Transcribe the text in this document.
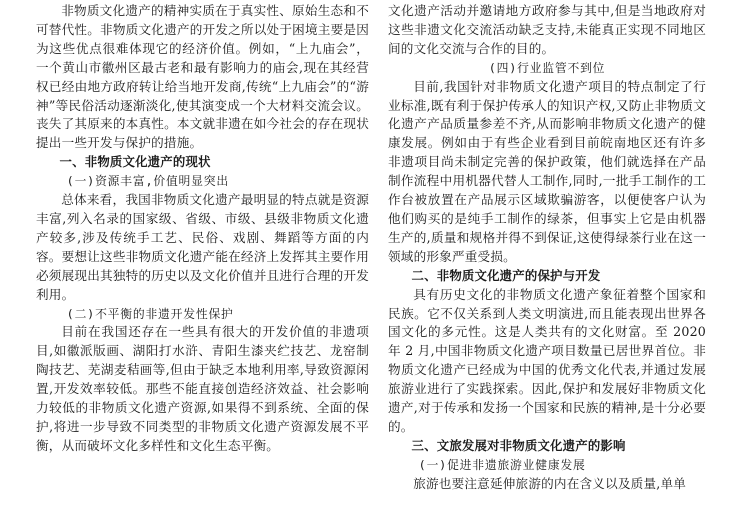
非物质文化遗产的精神实质在于真实性、原始生态和不可替代性。非物质文化遗产的开发之所以处于困境主要是因为这些优点很难体现它的经济价值。例如，“上九庙会”，一个黄山市徽州区最古老和最有影响力的庙会,现在其经营权已经由地方政府转让给当地开发商,传统“上九庙会”的“游神”等民俗活动逐渐淡化,使其演变成一个大材料交流会议。丧失了其原来的本真性。本文就非遗在如今社会的存在现状提出一些开发与保护的措施。

一、非物质文化遗产的现状
(一)资源丰富,价值明显突出

总体来看，我国非物质文化遗产最明显的特点就是资源丰富,列入名录的国家级、省级、市级、县级非物质文化遗产较多,涉及传统手工艺、民俗、戏剧、舞蹈等方面的内容。要想让这些非物质文化遗产能在经济上发挥其主要作用必须展现出其独特的历史以及文化价值并且进行合理的开发利用。

(二)不平衡的非遗开发性保护

目前在我国还存在一些具有很大的开发价值的非遗项目,如徽派版画、湖阳打水浒、青阳生漆夹纻技艺、龙窑制陶技艺、芜湖麦秸画等,但由于缺乏本地利用率,导致资源闲置,开发效率较低。那些不能直接创造经济效益、社会影响力较低的非物质文化遗产资源,如果得不到系统、全面的保护,将进一步导致不同类型的非物质文化遗产资源发展不平衡，从而破坏文化多样性和文化生态平衡。

文化遗产活动并邀请地方政府参与其中,但是当地政府对这些非遗文化交流活动缺乏支持,未能真正实现不同地区间的文化交流与合作的目的。

(四)行业监管不到位

目前,我国针对非物质文化遗产项目的特点制定了行业标准,既有利于保护传承人的知识产权,又防止非物质文化遗产产品质量参差不齐,从而影响非物质文化遗产的健康发展。例如由于有些企业看到目前皖南地区还有许多非遗项目尚未制定完善的保护政策，他们就选择在产品制作流程中用机器代替人工制作,同时,一批手工制作的工作台被放置在产品展示区域欺骗游客，以便使客户认为他们购买的是纯手工制作的绿茶，但事实上它是由机器生产的,质量和规格并得不到保证,这使得绿茶行业在这一领域的形象严重受损。

二、非物质文化遗产的保护与开发

具有历史文化的非物质文化遗产象征着整个国家和民族。它不仅关系到人类文明演进,而且能表现出世界各国文化的多元性。这是人类共有的文化财富。至 2020 年 2 月,中国非物质文化遗产项目数量已居世界首位。非物质文化遗产已经成为中国的优秀文化代表,并通过发展旅游业进行了实践探索。因此,保护和发展好非物质文化遗产,对于传承和发扬一个国家和民族的精神,是十分必要的。

三、文旅发展对非物质文化遗产的影响
(一)促进非遗旅游业健康发展

旅游也要注意延伸旅游的内在含义以及质量,单单
